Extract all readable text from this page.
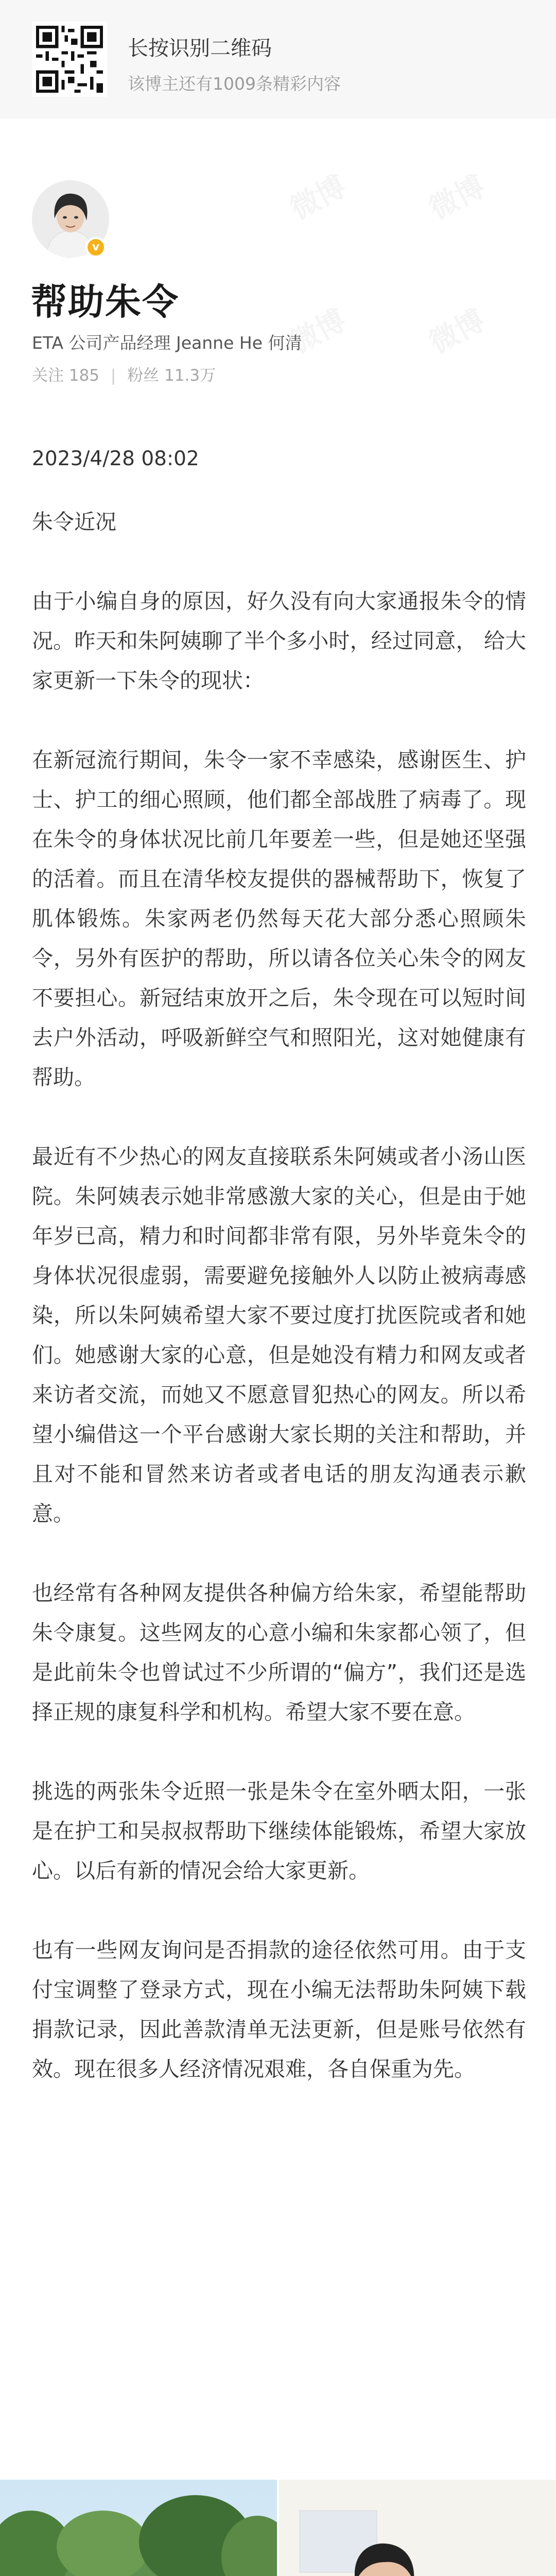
长按识别二维码
该博主还有1009条精彩内容
v
帮助朱令
ETA 公司产品经理 Jeanne He 何清
关注 185 | 粉丝 11.3万
2023/4/28 08:02

朱令近况

由于小编自身的原因，好久没有向大家通报朱令的情况。昨天和朱阿姨聊了半个多小时，经过同意， 给大家更新一下朱令的现状：

在新冠流行期间，朱令一家不幸感染，感谢医生、护士、护工的细心照顾，他们都全部战胜了病毒了。现在朱令的身体状况比前几年要差一些，但是她还坚强的活着。而且在清华校友提供的器械帮助下，恢复了肌体锻炼。朱家两老仍然每天花大部分悉心照顾朱令，另外有医护的帮助，所以请各位关心朱令的网友不要担心。新冠结束放开之后，朱令现在可以短时间去户外活动，呼吸新鲜空气和照阳光，这对她健康有帮助。

最近有不少热心的网友直接联系朱阿姨或者小汤山医院。朱阿姨表示她非常感激大家的关心，但是由于她年岁已高，精力和时间都非常有限，另外毕竟朱令的身体状况很虚弱，需要避免接触外人以防止被病毒感染，所以朱阿姨希望大家不要过度打扰医院或者和她们。她感谢大家的心意，但是她没有精力和网友或者来访者交流，而她又不愿意冒犯热心的网友。所以希望小编借这一个平台感谢大家长期的关注和帮助，并且对不能和冒然来访者或者电话的朋友沟通表示歉意。

也经常有各种网友提供各种偏方给朱家，希望能帮助朱令康复。这些网友的心意小编和朱家都心领了，但是此前朱令也曾试过不少所谓的“偏方”，我们还是选择正规的康复科学和机构。希望大家不要在意。

挑选的两张朱令近照一张是朱令在室外晒太阳，一张是在护工和吴叔叔帮助下继续体能锻炼，希望大家放心。以后有新的情况会给大家更新。

也有一些网友询问是否捐款的途径依然可用。由于支付宝调整了登录方式，现在小编无法帮助朱阿姨下载捐款记录，因此善款清单无法更新，但是账号依然有效。现在很多人经济情况艰难，各自保重为先。
